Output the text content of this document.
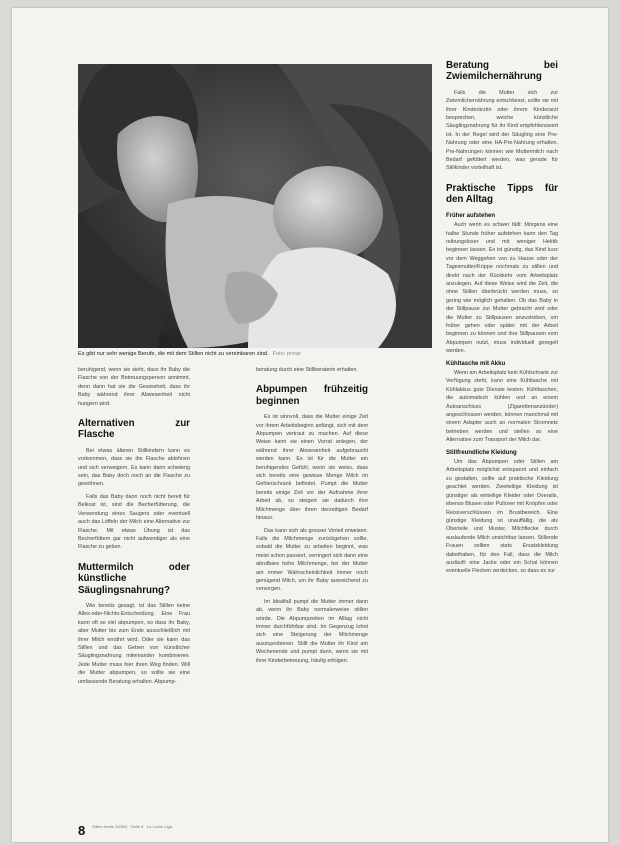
Es gibt nur sehr wenige Berufe, die mit dem Stillen nicht zu vereinbaren sind. Foto: privat

beruhigend, wenn sie sieht, dass ihr Baby die Flasche von der Betreuungsperson annimmt, denn dann hat sie die Gewissheit, dass ihr Baby während ihrer Abwesenheit nicht hungern wird.

Alternativen zur Flasche

Bei etwas älteren Stillkindern kann es vorkommen, dass sie die Flasche ablehnen und sich verweigern. Es kann dann schwierig sein, das Baby doch noch an die Flasche zu gewöhnen.

Falls das Baby dann noch nicht bereit für Beikost ist, sind die Becherfütterung, die Verwendung eines Saugers oder eventuell auch das Löffeln der Milch eine Alternative zur Flasche. Mit etwas Übung ist das Becherfüttern gar nicht aufwendiger als eine Flasche zu geben.

Muttermilch oder künstliche Säuglingsnahrung?

Wie bereits gesagt, ist das Stillen keine Alles-oder-Nichts-Entscheidung. Eine Frau kann oft so viel abpumpen, so dass ihr Baby, aber Mutter bis zum Ende ausschließlich mit ihrer Milch ernährt wird. Oder sie kann das Stillen und das Geben von künstlicher Säuglingsnahrung miteinander kombinieren. Jede Mutter muss hier ihren Weg finden. Will die Mutter abpumpen, so sollte sie eine umfassende Beratung erhalten. Abpump-

beratung durch eine Stillberaterin erhalten.

Abpumpen frühzeitig beginnen

Es ist sinnvoll, dass die Mutter einige Zeit vor ihrem Arbeitsbeginn anfängt, sich mit dem Abpumpen vertraut zu machen. Auf diese Weise kann sie einen Vorrat anlegen, der während ihrer Abwesenheit aufgebraucht werden kann. Es ist für die Mutter ein beruhigendes Gefühl, wenn sie weiss, dass sich bereits eine gewisse Menge Milch im Gefrierschrank befindet. Pumpt die Mutter bereits einige Zeit vor der Aufnahme ihrer Arbeit ab, so steigert sie dadurch ihre Milchmenge über ihren derzeitigen Bedarf hinaus.

Das kann sich als grosser Vorteil erweisen. Falls die Milchmenge zurückgehen sollte, sobald die Mutter zu arbeiten beginnt, was meist schon passiert, verringert sich dann eine abrufbare hohe Milchmenge, bei der Mutter am immer Wahrscheinlichkeit immer noch genügend Milch, um ihr Baby ausreichend zu versorgen.

Im Idealfall pumpt die Mutter immer dann ab, wenn ihr Baby normalerweise stillen würde. Die Abpumpzeiten im Alltag nicht immer durchführbar sind. Im Gegenzug lohnt sich eine Steigerung der Milchmenge auszuprobieren. Stillt die Mutter ihr Kind am Wochenende und pumpt dann, wenn sie mit ihrer Kinderbetreuung, häufig erfolgen.

Beratung bei Zwiemilchernährung

Falls die Mutter sich zur Zwiemilchernährung entschliesst, sollte sie mit ihrer Kinderärztin oder ihrem Kinderarzt besprechen, welche künstliche Säuglingsnahrung für ihr Kind empfehlenswert ist. In der Regel wird der Säugling eine Pre-Nahrung oder eine HA-Pre-Nahrung erhalten. Pre-Nahrungen können wie Muttermilch nach Bedarf gefüttert werden, was gerade für Stillkinder vorteilhaft ist.

Praktische Tipps für den Alltag
Früher aufstehen

Auch wenn es schwer fällt: Morgens eine halbe Stunde früher aufstehen kann den Tag reibungsloser und mit weniger Hektik beginnen lassen. Es ist günstig, das Kind kurz vor dem Weggehen von zu Hause oder der Tagesmutter/Krippe nochmals zu stillen und direkt nach der Rückkehr vom Arbeitsplatz anzulegen. Auf diese Weise wird die Zeit, die ohne Stillen überbrückt werden muss, so gering wie möglich gehalten. Ob das Baby in der Stillpause zur Mutter gebracht wird oder die Mutter zu Stillpausen anzustreben, um früher gehen oder später mit der Arbeit beginnen zu können und ihre Stillpausen vom Abpumpen nutzt, muss individuell geregelt werden.

Kühltasche mit Akku

Wenn am Arbeitsplatz kein Kühlschrank zur Verfügung steht, kann eine Kühltasche mit Kühlakkus gute Dienste leisten. Kühltaschen, die automatisch kühlen und an einem Autoanschluss (Zigarettenanzünder) angeschlossen werden, können manchmal mit einem Adapter auch an normalen Stromnetz betrieben werden und stellen so eine Alternative zum Transport der Milch dar.

Stillfreundliche Kleidung

Um das Abpumpen oder Stillen am Arbeitsplatz möglichst entspannt und einfach zu gestalten, sollte auf praktische Kleidung geachtet werden. Zweiteilige Kleidung ist günstiger als einteilige Kleider oder Overalls, ebenso Blusen oder Pullover mit Knöpfen oder Reissverschlüssen im Brustbereich. Eine günstige Kleidung ist unauffällig, die als Oberteile und Muster, Milchflecke durch auslaufende Milch unsichtbar lassen. Stillende Frauen sollten stets Ersatzkleidung dabeihaben, für den Fall, dass die Milch ausläuft: eine Jacke oder ein Schal können eventuelle Flecken verdecken, so dass es zur

8 Stillen heute 3/2004 · Seite 8 · La Leche Liga
